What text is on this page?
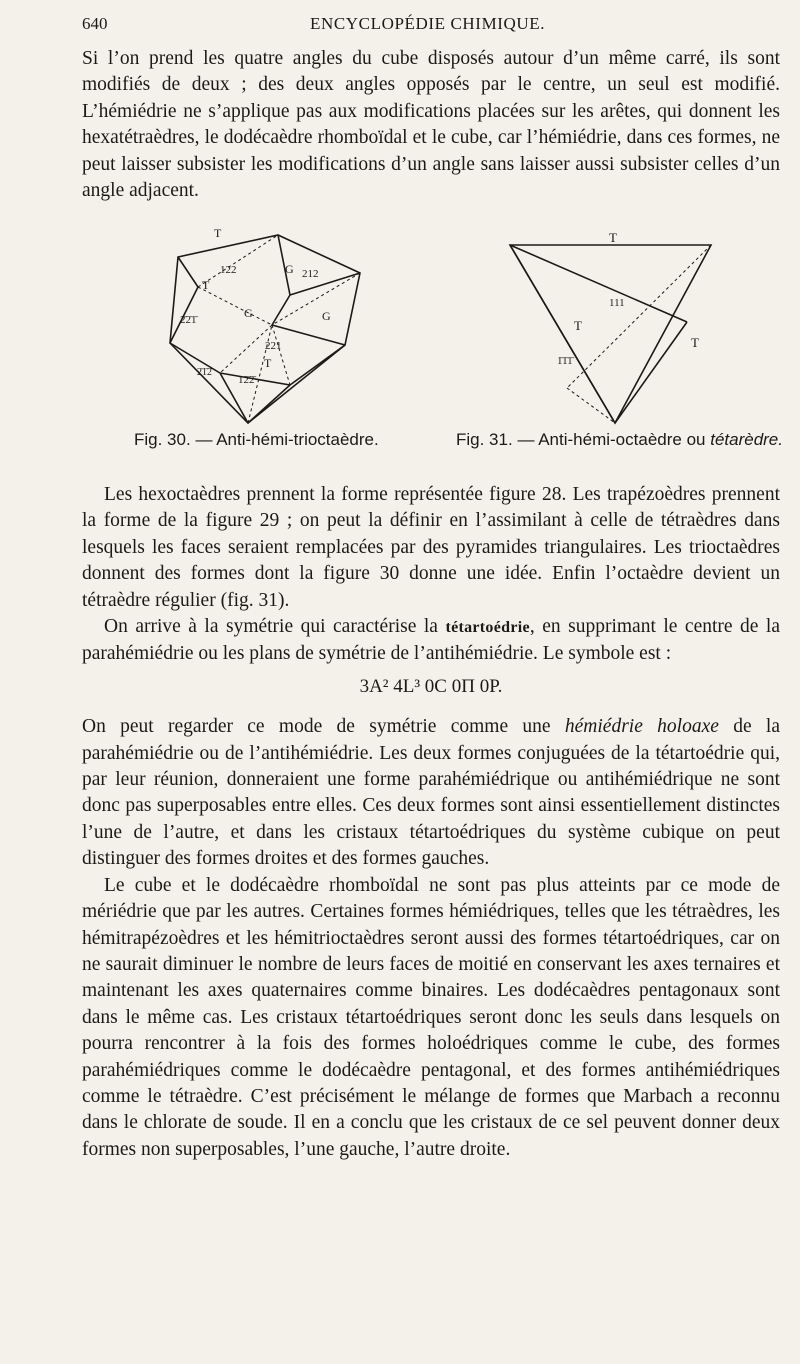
640	ENCYCLOPÉDIE CHIMIQUE.

Si l’on prend les quatre angles du cube disposés autour d’un même carré, ils sont modifiés de deux ; des deux angles opposés par le centre, un seul est modifié. L’hémiédrie ne s’applique pas aux modifications placées sur les arêtes, qui donnent les hexatétraèdres, le dodécaèdre rhomboïdal et le cube, car l’hémiédrie, dans ces formes, ne peut laisser subsister les modifications d’un angle sans laisser aussi subsister celles d’un angle adjacent.

T
T
T
G
G	G
122	212
221
2̄2̄1̄
2̄1̄2̄
1̄2̄2̄
T
T
T
111
1̄1̄1̄
Fig. 30. — Anti-hémi-trioctaèdre.	Fig. 31. — Anti-hémi-octaèdre ou tétarèdre.

Les hexoctaèdres prennent la forme représentée figure 28. Les trapézoèdres prennent la forme de la figure 29 ; on peut la définir en l’assimilant à celle de tétraèdres dans lesquels les faces seraient remplacées par des pyramides triangulaires. Les trioctaèdres donnent des formes dont la figure 30 donne une idée. Enfin l’octaèdre devient un tétraèdre régulier (fig. 31).

On arrive à la symétrie qui caractérise la tétartoédrie, en supprimant le centre de la parahémiédrie ou les plans de symétrie de l’antihémiédrie. Le symbole est :

3A² 4L³ 0C 0Π 0P.

On peut regarder ce mode de symétrie comme une hémiédrie holoaxe de la parahémiédrie ou de l’antihémiédrie. Les deux formes conjuguées de la tétartoédrie qui, par leur réunion, donneraient une forme parahémiédrique ou antihémiédrique ne sont donc pas superposables entre elles. Ces deux formes sont ainsi essentiellement distinctes l’une de l’autre, et dans les cristaux tétartoédriques du système cubique on peut distinguer des formes droites et des formes gauches.

Le cube et le dodécaèdre rhomboïdal ne sont pas plus atteints par ce mode de mériédrie que par les autres. Certaines formes hémiédriques, telles que les tétraèdres, les hémitrapézoèdres et les hémitrioctaèdres seront aussi des formes tétartoédriques, car on ne saurait diminuer le nombre de leurs faces de moitié en conservant les axes ternaires et maintenant les axes quaternaires comme binaires. Les dodécaèdres pentagonaux sont dans le même cas. Les cristaux tétartoédriques seront donc les seuls dans lesquels on pourra rencontrer à la fois des formes holoédriques comme le cube, des formes parahémiédriques comme le dodécaèdre pentagonal, et des formes antihémiédriques comme le tétraèdre. C’est précisément le mélange de formes que Marbach a reconnu dans le chlorate de soude. Il en a conclu que les cristaux de ce sel peuvent donner deux formes non superposables, l’une gauche, l’autre droite.
